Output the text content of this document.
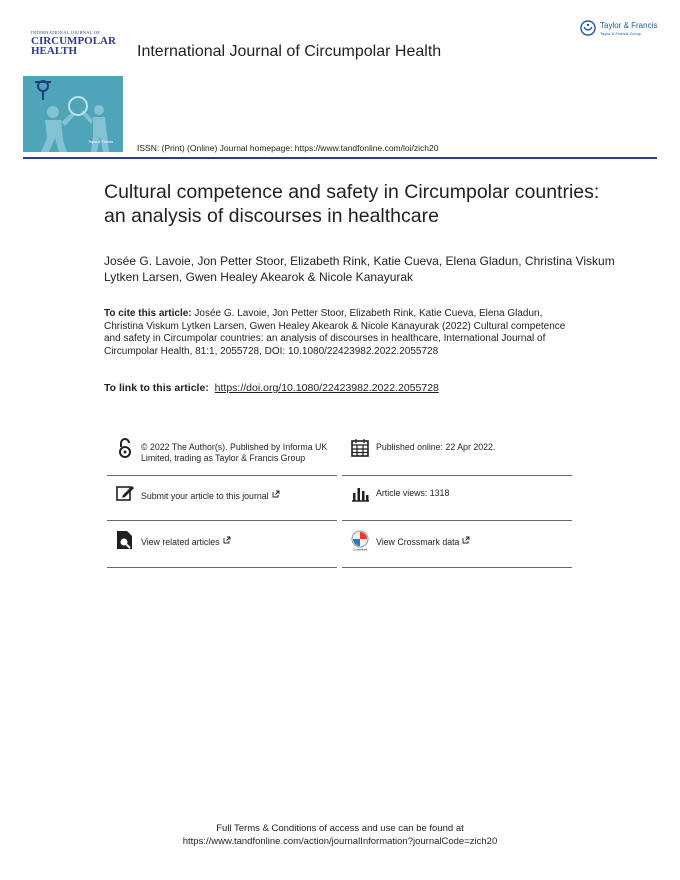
INTERNATIONAL JOURNAL OF
CIRCUMPOLAR
HEALTH
Taylor & Francis
International Journal of Circumpolar Health
ISSN: (Print) (Online) Journal homepage: https://www.tandfonline.com/loi/zich20
Taylor & Francis
Taylor & Francis Group
Cultural competence and safety in Circumpolar countries: an analysis of discourses in healthcare
Josée G. Lavoie, Jon Petter Stoor, Elizabeth Rink, Katie Cueva, Elena Gladun, Christina Viskum Lytken Larsen, Gwen Healey Akearok & Nicole Kanayurak
To cite this article: Josée G. Lavoie, Jon Petter Stoor, Elizabeth Rink, Katie Cueva, Elena Gladun, Christina Viskum Lytken Larsen, Gwen Healey Akearok & Nicole Kanayurak (2022) Cultural competence and safety in Circumpolar countries: an analysis of discourses in healthcare, International Journal of Circumpolar Health, 81:1, 2055728, DOI: 10.1080/22423982.2022.2055728
To link to this article: https://doi.org/10.1080/22423982.2022.2055728
© 2022 The Author(s). Published by Informa UK Limited, trading as Taylor & Francis Group
Published online: 22 Apr 2022.
Submit your article to this journal	Article views: 1318
View related articles
CrossMark
View Crossmark data
Full Terms & Conditions of access and use can be found at
https://www.tandfonline.com/action/journalInformation?journalCode=zich20
